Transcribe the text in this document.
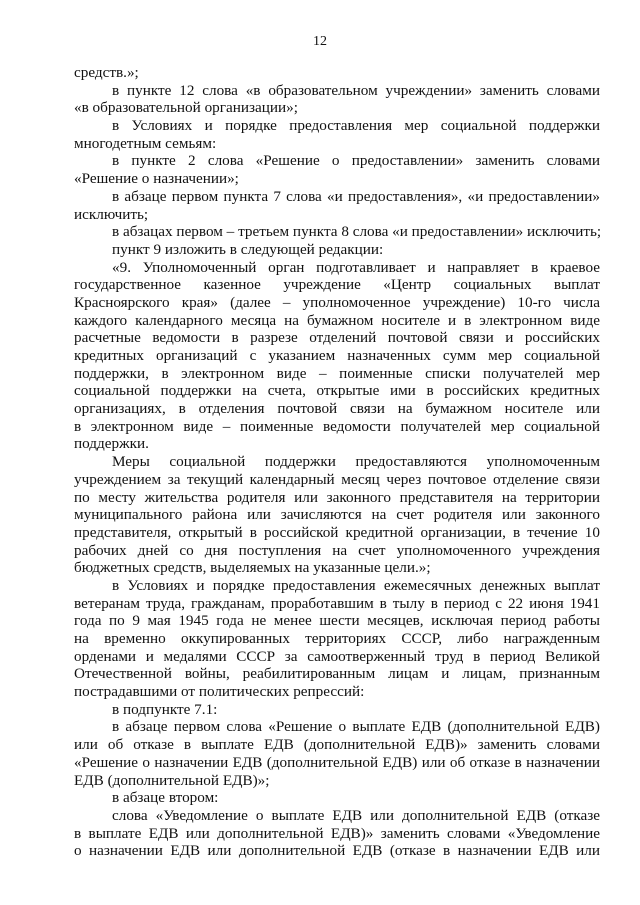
12
средств.»;
в пункте 12 слова «в образовательном учреждении» заменить словами
«в образовательной организации»;
в Условиях и порядке предоставления мер социальной поддержки
многодетным семьям:
в пункте 2 слова «Решение о предоставлении» заменить словами
«Решение о назначении»;
в абзаце первом пункта 7 слова «и предоставления», «и предоставлении»
исключить;
в абзацах первом – третьем пункта 8 слова «и предоставлении» исключить;
пункт 9 изложить в следующей редакции:
«9. Уполномоченный орган подготавливает и направляет в краевое
государственное казенное учреждение «Центр социальных выплат
Красноярского края» (далее – уполномоченное учреждение) 10-го числа
каждого календарного месяца на бумажном носителе и в электронном виде
расчетные ведомости в разрезе отделений почтовой связи и российских
кредитных организаций с указанием назначенных сумм мер социальной
поддержки, в электронном виде – поименные списки получателей мер
социальной поддержки на счета, открытые ими в российских кредитных
организациях, в отделения почтовой связи на бумажном носителе или
в электронном виде – поименные ведомости получателей мер социальной
поддержки.
Меры социальной поддержки предоставляются уполномоченным
учреждением за текущий календарный месяц через почтовое отделение связи
по месту жительства родителя или законного представителя на территории
муниципального района или зачисляются на счет родителя или законного
представителя, открытый в российской кредитной организации, в течение 10
рабочих дней со дня поступления на счет уполномоченного учреждения
бюджетных средств, выделяемых на указанные цели.»;
в Условиях и порядке предоставления ежемесячных денежных выплат
ветеранам труда, гражданам, проработавшим в тылу в период с 22 июня 1941
года по 9 мая 1945 года не менее шести месяцев, исключая период работы
на временно оккупированных территориях СССР, либо награжденным
орденами и медалями СССР за самоотверженный труд в период Великой
Отечественной войны, реабилитированным лицам и лицам, признанным
пострадавшими от политических репрессий:
в подпункте 7.1:
в абзаце первом слова «Решение о выплате ЕДВ (дополнительной ЕДВ)
или об отказе в выплате ЕДВ (дополнительной ЕДВ)» заменить словами
«Решение о назначении ЕДВ (дополнительной ЕДВ) или об отказе в назначении
ЕДВ (дополнительной ЕДВ)»;
в абзаце втором:
слова «Уведомление о выплате ЕДВ или дополнительной ЕДВ (отказе
в выплате ЕДВ или дополнительной ЕДВ)» заменить словами «Уведомление
о назначении ЕДВ или дополнительной ЕДВ (отказе в назначении ЕДВ или
